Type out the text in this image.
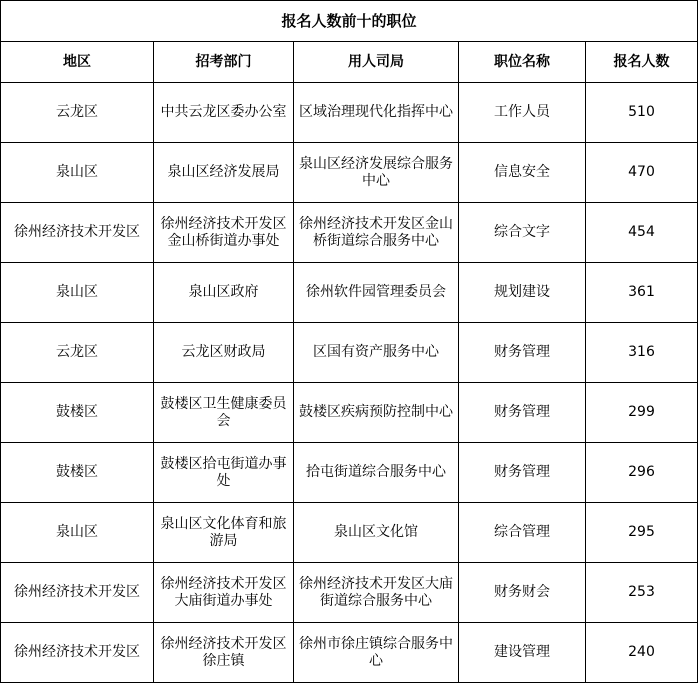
报名人数前十的职位				
地区	招考部门	用人司局	职位名称	报名人数
云龙区	中共云龙区委办公室	区域治理现代化指挥中心	工作人员	510
泉山区	泉山区经济发展局	泉山区经济发展综合服务中心	信息安全	470
徐州经济技术开发区	徐州经济技术开发区金山桥街道办事处	徐州经济技术开发区金山桥街道综合服务中心	综合文字	454
泉山区	泉山区政府	徐州软件园管理委员会	规划建设	361
云龙区	云龙区财政局	区国有资产服务中心	财务管理	316
鼓楼区	鼓楼区卫生健康委员会	鼓楼区疾病预防控制中心	财务管理	299
鼓楼区	鼓楼区拾屯街道办事处	拾屯街道综合服务中心	财务管理	296
泉山区	泉山区文化体育和旅游局	泉山区文化馆	综合管理	295
徐州经济技术开发区	徐州经济技术开发区大庙街道办事处	徐州经济技术开发区大庙街道综合服务中心	财务财会	253
徐州经济技术开发区	徐州经济技术开发区徐庄镇	徐州市徐庄镇综合服务中心	建设管理	240
